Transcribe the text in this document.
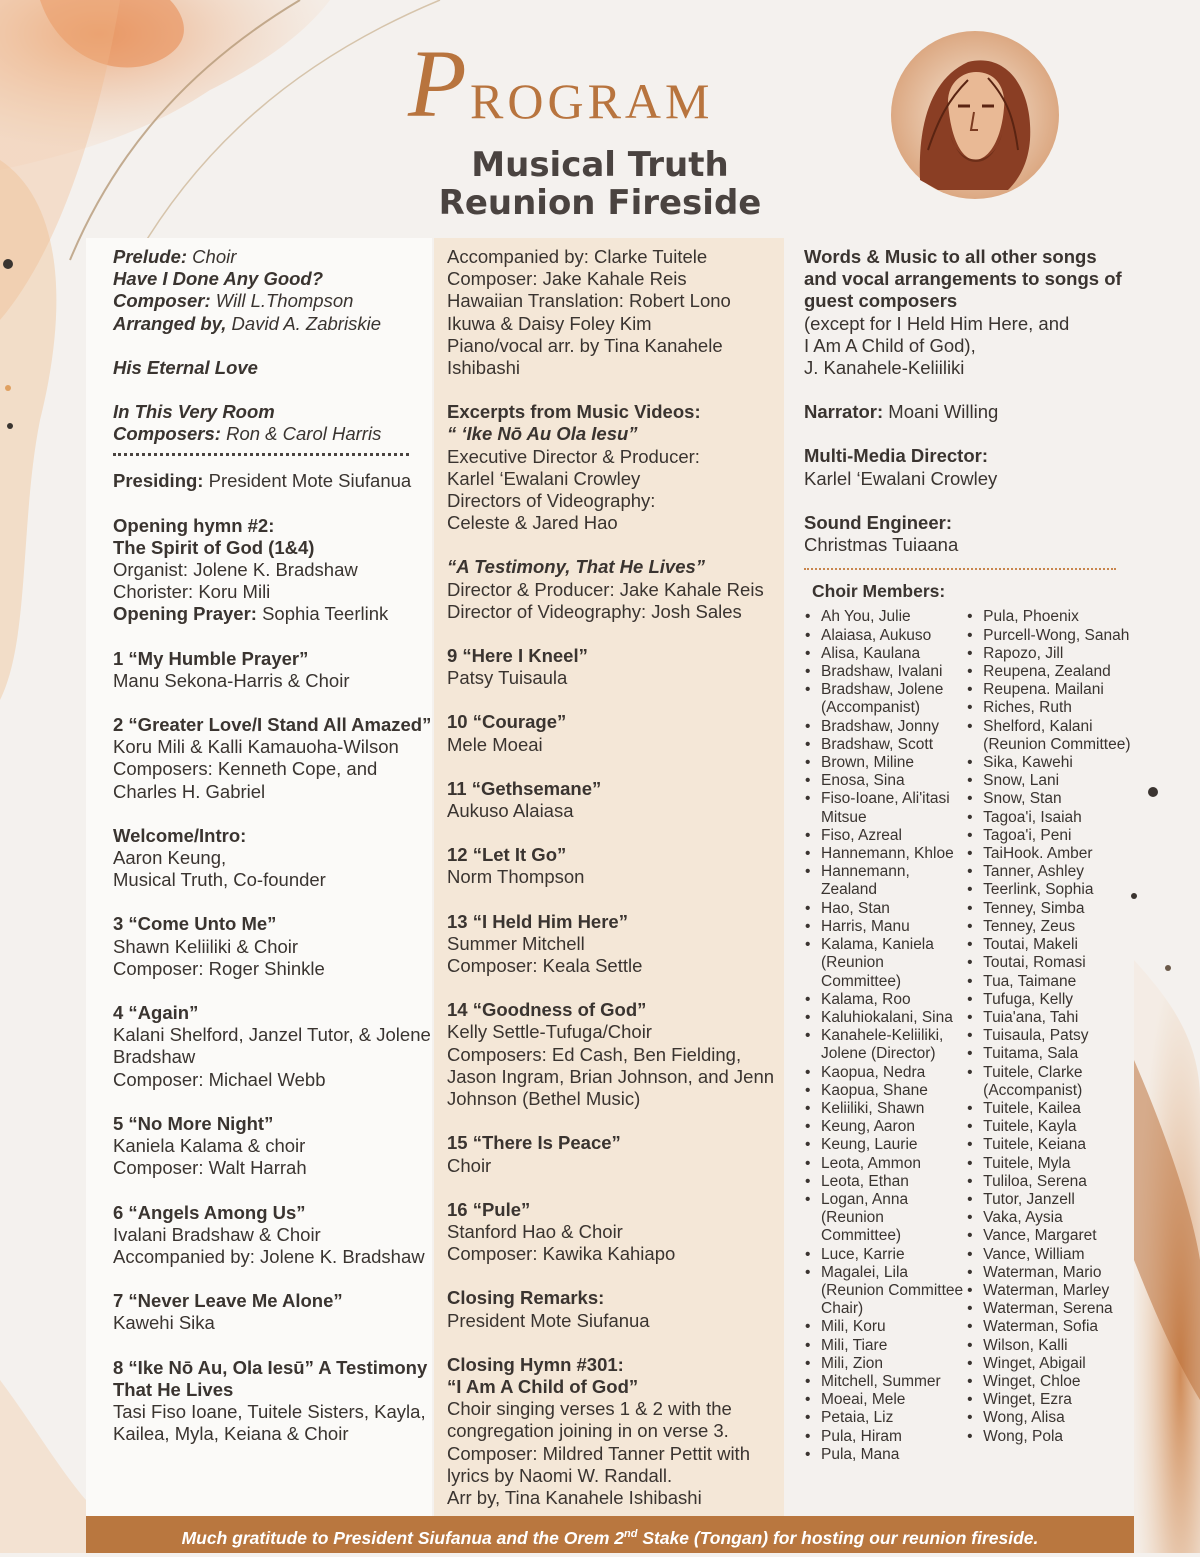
P ROGRAM
Musical Truth
Reunion Fireside
Prelude: Choir
Have I Done Any Good?
Composer: Will L.Thompson
Arranged by, David A. Zabriskie
His Eternal Love
In This Very Room
Composers: Ron & Carol Harris
Presiding: President Mote Siufanua
Opening hymn #2:
The Spirit of God (1&4)
Organist: Jolene K. Bradshaw
Chorister: Koru Mili
Opening Prayer: Sophia Teerlink
1 “My Humble Prayer”
Manu Sekona-Harris & Choir
2 “Greater Love/I Stand All Amazed”
Koru Mili & Kalli Kamauoha-Wilson
Composers: Kenneth Cope, and Charles H. Gabriel
Welcome/Intro:
Aaron Keung,
Musical Truth, Co-founder
3 “Come Unto Me”
Shawn Keliiliki & Choir
Composer: Roger Shinkle
4 “Again”
Kalani Shelford, Janzel Tutor, & Jolene Bradshaw
Composer: Michael Webb
5 “No More Night”
Kaniela Kalama & choir
Composer: Walt Harrah
6 “Angels Among Us”
Ivalani Bradshaw & Choir
Accompanied by: Jolene K. Bradshaw
7 “Never Leave Me Alone”
Kawehi Sika
8 “Ike Nō Au, Ola Iesū” A Testimony That He Lives
Tasi Fiso Ioane, Tuitele Sisters, Kayla, Kailea, Myla, Keiana & Choir
Accompanied by: Clarke Tuitele
Composer: Jake Kahale Reis
Hawaiian Translation: Robert Lono Ikuwa & Daisy Foley Kim
Piano/vocal arr. by Tina Kanahele Ishibashi
Excerpts from Music Videos:
“ ‘Ike Nō Au Ola Iesu”
Executive Director & Producer:
Karlel ‘Ewalani Crowley
Directors of Videography:
Celeste & Jared Hao
“A Testimony, That He Lives”
Director & Producer: Jake Kahale Reis
Director of Videography: Josh Sales
9 “Here I Kneel”
Patsy Tuisaula
10 “Courage”
Mele Moeai
11 “Gethsemane”
Aukuso Alaiasa
12 “Let It Go”
Norm Thompson
13 “I Held Him Here”
Summer Mitchell
Composer: Keala Settle
14 “Goodness of God”
Kelly Settle-Tufuga/Choir
Composers: Ed Cash, Ben Fielding, Jason Ingram, Brian Johnson, and Jenn Johnson (Bethel Music)
15 “There Is Peace”
Choir
16 “Pule”
Stanford Hao & Choir
Composer: Kawika Kahiapo
Closing Remarks:
President Mote Siufanua
Closing Hymn #301:
“I Am A Child of God”
Choir singing verses 1 & 2 with the congregation joining in on verse 3.
Composer: Mildred Tanner Pettit with lyrics by Naomi W. Randall.
Arr by, Tina Kanahele Ishibashi
Words & Music to all other songs and vocal arrangements to songs of guest composers
(except for I Held Him Here, and
I Am A Child of God),
J. Kanahele-Keliiliki
Narrator: Moani Willing
Multi-Media Director:
Karlel ‘Ewalani Crowley
Sound Engineer:
Christmas Tuiaana
Choir Members:
• Ah You, Julie
• Alaiasa, Aukuso
• Alisa, Kaulana
• Bradshaw, Ivalani
• Bradshaw, Jolene (Accompanist)
• Bradshaw, Jonny
• Bradshaw, Scott
• Brown, Miline
• Enosa, Sina
• Fiso-Ioane, Ali'itasi Mitsue
• Fiso, Azreal
• Hannemann, Khloe
• Hannemann, Zealand
• Hao, Stan
• Harris, Manu
• Kalama, Kaniela (Reunion Committee)
• Kalama, Roo
• Kaluhiokalani, Sina
• Kanahele-Keliiliki, Jolene (Director)
• Kaopua, Nedra
• Kaopua, Shane
• Keliiliki, Shawn
• Keung, Aaron
• Keung, Laurie
• Leota, Ammon
• Leota, Ethan
• Logan, Anna (Reunion Committee)
• Luce, Karrie
• Magalei, Lila (Reunion Committee Chair)
• Mili, Koru
• Mili, Tiare
• Mili, Zion
• Mitchell, Summer
• Moeai, Mele
• Petaia, Liz
• Pula, Hiram
• Pula, Mana
• Pula, Phoenix
• Purcell-Wong, Sanah
• Rapozo, Jill
• Reupena, Zealand
• Reupena. Mailani
• Riches, Ruth
• Shelford, Kalani (Reunion Committee)
• Sika, Kawehi
• Snow, Lani
• Snow, Stan
• Tagoa'i, Isaiah
• Tagoa'i, Peni
• TaiHook. Amber
• Tanner, Ashley
• Teerlink, Sophia
• Tenney, Simba
• Tenney, Zeus
• Toutai, Makeli
• Toutai, Romasi
• Tua, Taimane
• Tufuga, Kelly
• Tuia'ana, Tahi
• Tuisaula, Patsy
• Tuitama, Sala
• Tuitele, Clarke (Accompanist)
• Tuitele, Kailea
• Tuitele, Kayla
• Tuitele, Keiana
• Tuitele, Myla
• Tuliloa, Serena
• Tutor, Janzell
• Vaka, Aysia
• Vance, Margaret
• Vance, William
• Waterman, Mario
• Waterman, Marley
• Waterman, Serena
• Waterman, Sofia
• Wilson, Kalli
• Winget, Abigail
• Winget, Chloe
• Winget, Ezra
• Wong, Alisa
• Wong, Pola
Much gratitude to President Siufanua and the Orem 2nd Stake (Tongan) for hosting our reunion fireside.
